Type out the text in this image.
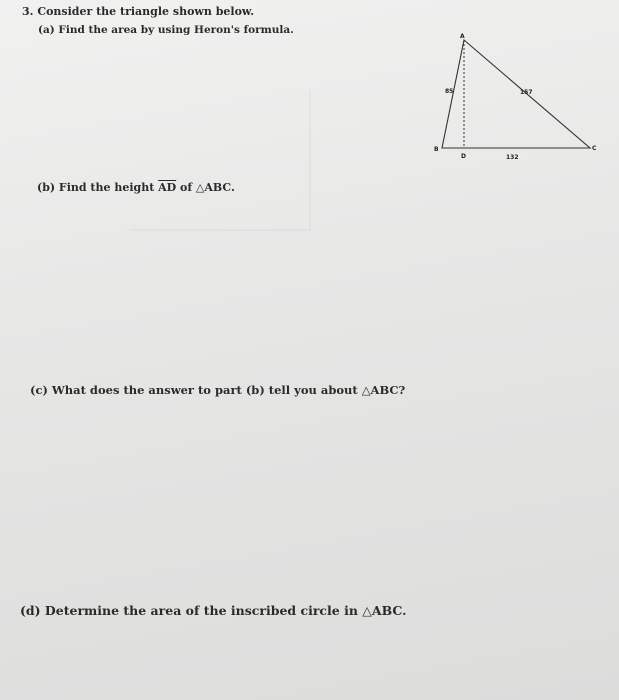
3. Consider the triangle shown below.
(a) Find the area by using Heron's formula.
A
B	C
D
85	157
132
(b) Find the height $\overline{AD}$ of △ABC.
(c) What does the answer to part (b) tell you about △ABC?
(d) Determine the area of the inscribed circle in △ABC.
